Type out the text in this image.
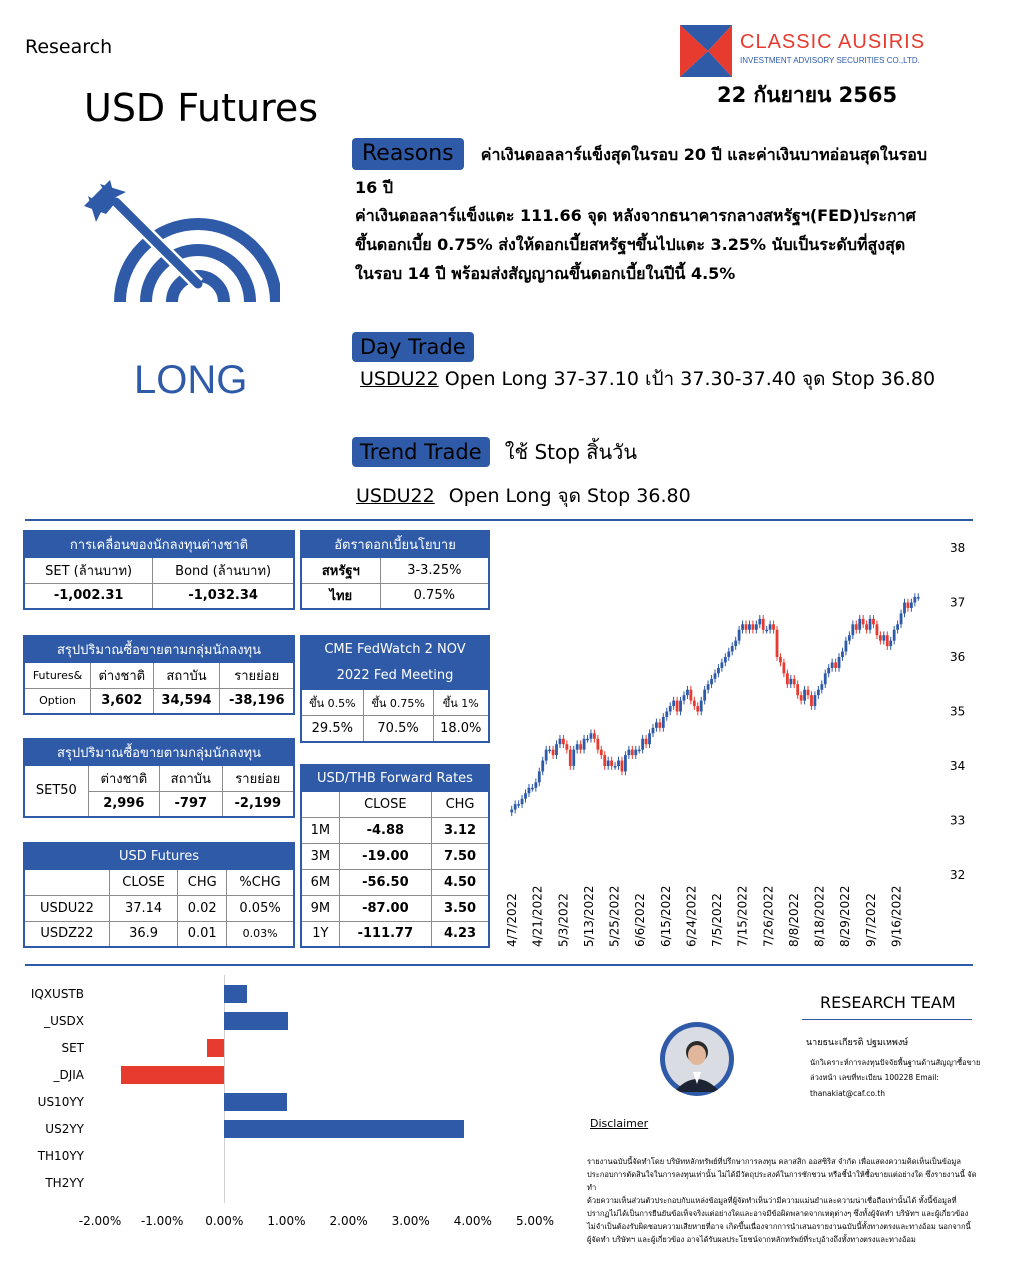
Research
USD Futures
CLASSIC AUSIRIS
INVESTMENT ADVISORY SECURITIES CO.,LTD.
22 กันยายน 2565
LONG
Reasons ค่าเงินดอลลาร์แข็งสุดในรอบ 20 ปี และค่าเงินบาทอ่อนสุดในรอบ
16 ปี
ค่าเงินดอลลาร์แข็งแตะ 111.66 จุด หลังจากธนาคารกลางสหรัฐฯ(FED)ประกาศ
ขึ้นดอกเบี้ย 0.75% ส่งให้ดอกเบี้ยสหรัฐฯขึ้นไปแตะ 3.25% นับเป็นระดับที่สูงสุด
ในรอบ 14 ปี พร้อมส่งสัญญาณขึ้นดอกเบี้ยในปีนี้ 4.5%
Day Trade
USDU22 Open Long 37-37.10 เป้า 37.30-37.40 จุด Stop 36.80
Trend Trade ใช้ Stop สิ้นวัน
USDU22 Open Long จุด Stop 36.80
การเคลื่อนของนักลงทุนต่างชาติ	
SET (ล้านบาท)	Bond (ล้านบาท)
-1,002.31	-1,032.34
สรุปปริมาณซื้อขายตามกลุ่มนักลงทุน			
Futures&	ต่างชาติ	สถาบัน	รายย่อย
Option	3,602	34,594	-38,196
สรุปปริมาณซื้อขายตามกลุ่มนักลงทุน			
SET50	ต่างชาติ	สถาบัน	รายย่อย
	2,996	-797	-2,199
USD Futures			
	CLOSE	CHG	%CHG
USDU22	37.14	0.02	0.05%
USDZ22	36.9	0.01	0.03%
อัตราดอกเบี้ยนโยบาย	
สหรัฐฯ	3-3.25%
ไทย	0.75%
CME FedWatch 2 NOV
2022 Fed Meeting		

ขึ้น 0.5%	ขึ้น 0.75%	ขึ้น 1%
29.5%	70.5%	18.0%
USD/THB Forward Rates		
	CLOSE	CHG
1M	-4.88	3.12
3M	-19.00	7.50
6M	-56.50	4.50
9M	-87.00	3.50
1Y	-111.77	4.23
38
37
36
35
34
33
32
4/7/2022 4/21/2022 5/3/2022 5/13/2022 5/25/2022 6/6/2022 6/15/2022 6/24/2022 7/5/2022 7/15/2022 7/26/2022 8/8/2022 8/18/2022 8/29/2022 9/7/2022 9/16/2022
IQXUSTB
_USDX
SET
_DJIA
US10YY
US2YY
TH10YY
TH2YY
-2.00%	-1.00%	0.00%	1.00%	2.00%	3.00%	4.00%	5.00%
RESEARCH TEAM
นายธนะเกียรติ ปฐมเหพงษ์
นักวิเคราะห์การลงทุนปัจจัยพื้นฐานด้านสัญญาซื้อขาย
ล่วงหน้า เลขที่ทะเบียน 100228 Email:
thanakiat@caf.co.th
Disclaimer
รายงานฉบับนี้จัดทำโดย บริษัทหลักทรัพย์ที่ปรึกษาการลงทุน คลาสสิก ออสซิริส จำกัด เพื่อแสดงความคิดเห็นเป็นข้อมูล
ประกอบการตัดสินใจในการลงทุนเท่านั้น ไม่ได้มีวัตถุประสงค์ในการชักชวน หรือชี้นำให้ซื้อขายแต่อย่างใด ซึ่งรายงานนี้ จัดทำ
ด้วยความเห็นส่วนตัวประกอบกับแหล่งข้อมูลที่ผู้จัดทำเห็นว่ามีความแม่นยำและความน่าเชื่อถือเท่านั้นได้ ทั้งนี้ข้อมูลที่
ปรากฏไม่ได้เป็นการยืนยันข้อเท็จจริงแต่อย่างใดและอาจมีข้อผิดพลาดจากเหตุต่างๆ ซึ่งทั้งผู้จัดทำ บริษัทฯ และผู้เกี่ยวข้อง
ไม่จำเป็นต้องรับผิดชอบความเสียหายที่อาจ เกิดขึ้นเนื่องจากการนำเสนอรายงานฉบับนี้ทั้งทางตรงและทางอ้อม นอกจากนี้
ผู้จัดทำ บริษัทฯ และผู้เกี่ยวข้อง อาจได้รับผลประโยชน์จากหลักทรัพย์ที่ระบุอ้างถึงทั้งทางตรงและทางอ้อม
